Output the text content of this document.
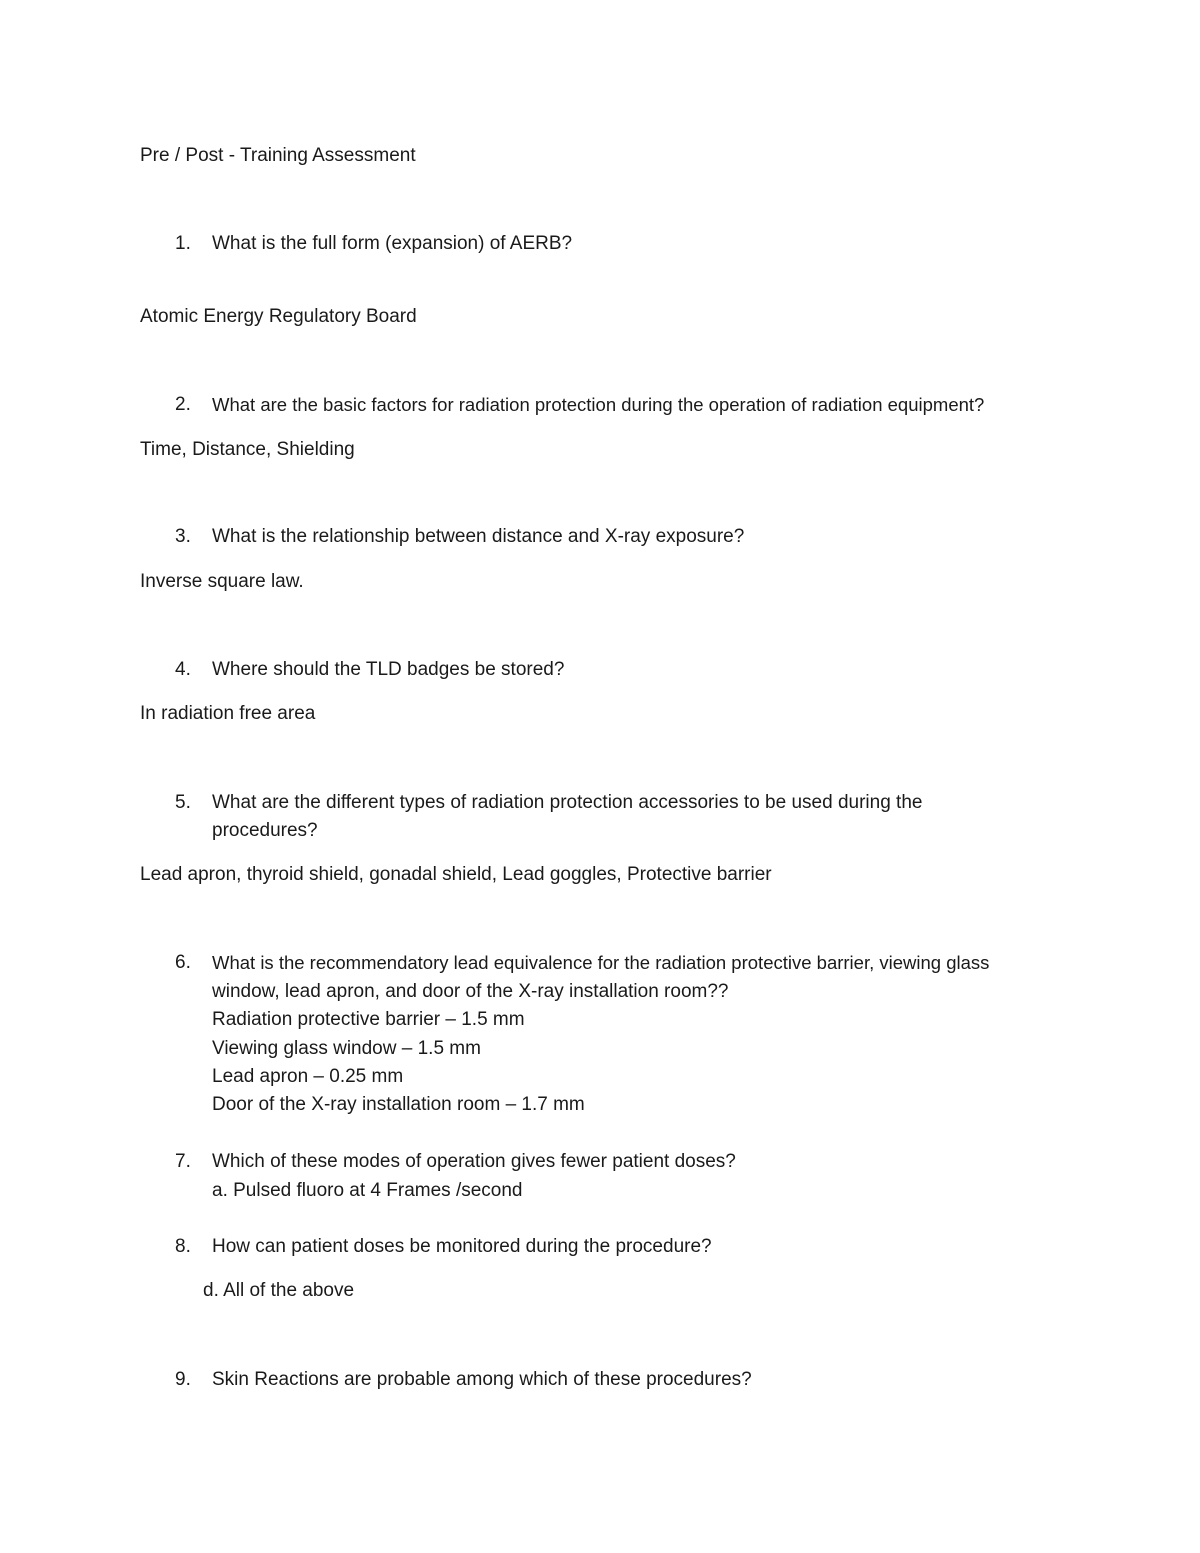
Pre / Post - Training Assessment
1. What is the full form (expansion) of AERB?
Atomic Energy Regulatory Board
2. What are the basic factors for radiation protection during the operation of radiation equipment?
Time, Distance, Shielding
3. What is the relationship between distance and X-ray exposure?
Inverse square law.
4. Where should the TLD badges be stored?
In radiation free area
5. What are the different types of radiation protection accessories to be used during the
procedures?
Lead apron, thyroid shield, gonadal shield, Lead goggles, Protective barrier
6. What is the recommendatory lead equivalence for the radiation protective barrier, viewing glass
window, lead apron, and door of the X-ray installation room??
Radiation protective barrier – 1.5 mm
Viewing glass window – 1.5 mm
Lead apron – 0.25 mm
Door of the X-ray installation room – 1.7 mm
7. Which of these modes of operation gives fewer patient doses?
a. Pulsed fluoro at 4 Frames /second
8. How can patient doses be monitored during the procedure?
d. All of the above
9. Skin Reactions are probable among which of these procedures?
